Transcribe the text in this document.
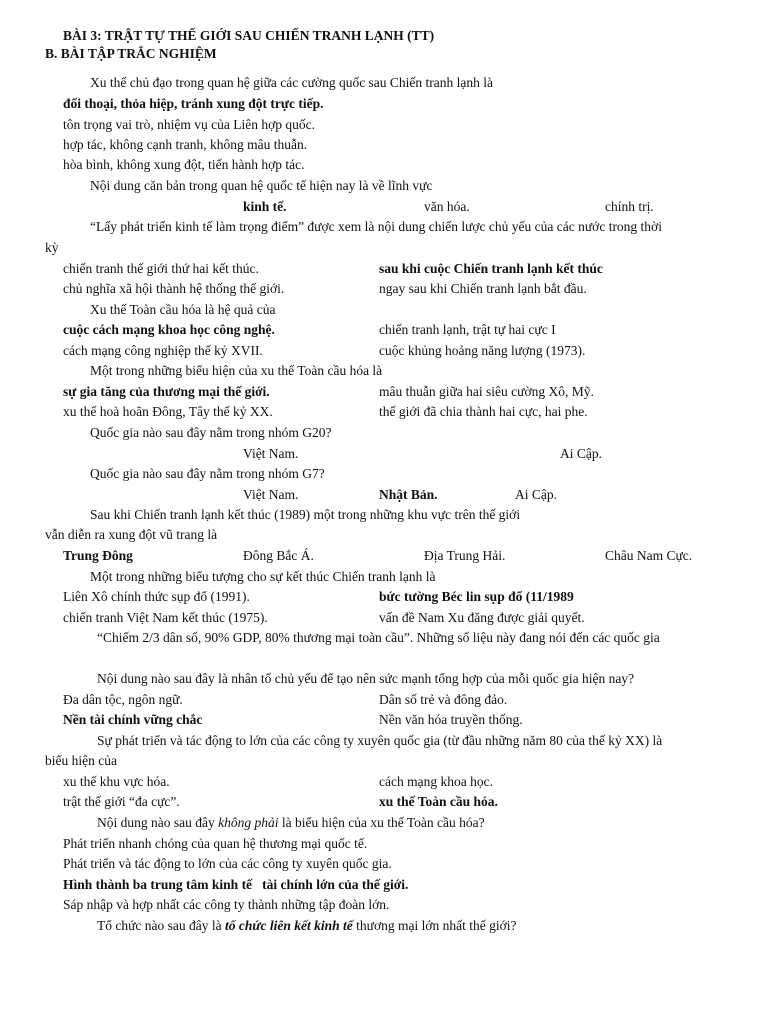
BÀI 3: TRẬT TỰ THẾ GIỚI SAU CHIẾN TRANH LẠNH (TT)
B. BÀI TẬP TRẮC NGHIỆM
Xu thế chủ đạo trong quan hệ giữa các cường quốc sau Chiến tranh lạnh là
đối thoại, thỏa hiệp, tránh xung đột trực tiếp.
tôn trọng vai trò, nhiệm vụ của Liên hợp quốc.
hợp tác, không cạnh tranh, không mâu thuẫn.
hòa bình, không xung đột, tiến hành hợp tác.
Nội dung căn bản trong quan hệ quốc tế hiện nay là về lĩnh vực
kinh tế.	văn hóa.	chính trị.
“Lấy phát triển kinh tế làm trọng điểm” được xem là nội dung chiến lược chủ yếu của các nước trong thời
kỳ
chiến tranh thế giới thứ hai kết thúc.	sau khi cuộc Chiến tranh lạnh kết thúc
chủ nghĩa xã hội thành hệ thống thế giới.	ngay sau khi Chiến tranh lạnh bắt đầu.
Xu thế Toàn cầu hóa là hệ quả của
cuộc cách mạng khoa học công nghệ.	chiến tranh lạnh, trật tự hai cực I
cách mạng công nghiệp thế kỷ XVII.	cuộc khủng hoảng năng lượng (1973).
Một trong những biểu hiện của xu thế Toàn cầu hóa là
sự gia tăng của thương mại thế giới.	mâu thuẫn giữa hai siêu cường Xô, Mỹ.
xu thế hoà hoãn Đông, Tây thế kỷ XX.	thế giới đã chia thành hai cực, hai phe.
Quốc gia nào sau đây nằm trong nhóm G20?
Việt Nam.	Ai Cập.
Quốc gia nào sau đây nằm trong nhóm G7?
Việt Nam.	Nhật Bản.	Ai Cập.
Sau khi Chiến tranh lạnh kết thúc (1989) một trong những khu vực trên thế giới
vẫn diễn ra xung đột vũ trang là
Trung Đông	Đông Bắc Á.	Địa Trung Hải.	Châu Nam Cực.
Một trong những biểu tượng cho sự kết thúc Chiến tranh lạnh là
Liên Xô chính thức sụp đổ (1991).	bức tường Béc lin sụp đổ (11/1989
chiến tranh Việt Nam kết thúc (1975).	vấn đề Nam Xu đăng được giải quyết.
“Chiếm 2/3 dân số, 90% GDP, 80% thương mại toàn cầu”. Những số liệu này đang nói đến các quốc gia
Nội dung nào sau đây là nhân tố chủ yếu để tạo nên sức mạnh tổng hợp của mỗi quốc gia hiện nay?
Đa dân tộc, ngôn ngữ.	Dân số trẻ và đông đảo.
Nền tài chính vững chắc	Nền văn hóa truyền thống.
Sự phát triển và tác động to lớn của các công ty xuyên quốc gia (từ đầu những năm 80 của thế kỷ XX) là
biểu hiện của
xu thế khu vực hóa.	cách mạng khoa học.
trật thế giới “đa cực”.	xu thế Toàn cầu hóa.
Nội dung nào sau đây không phải là biểu hiện của xu thế Toàn cầu hóa?
Phát triển nhanh chóng của quan hệ thương mại quốc tế.
Phát triển và tác động to lớn của các công ty xuyên quốc gia.
Hình thành ba trung tâm kinh tế   tài chính lớn của thế giới.
Sáp nhập và hợp nhất các công ty thành những tập đoàn lớn.
Tổ chức nào sau đây là tổ chức liên kết kinh tế thương mại lớn nhất thế giới?
